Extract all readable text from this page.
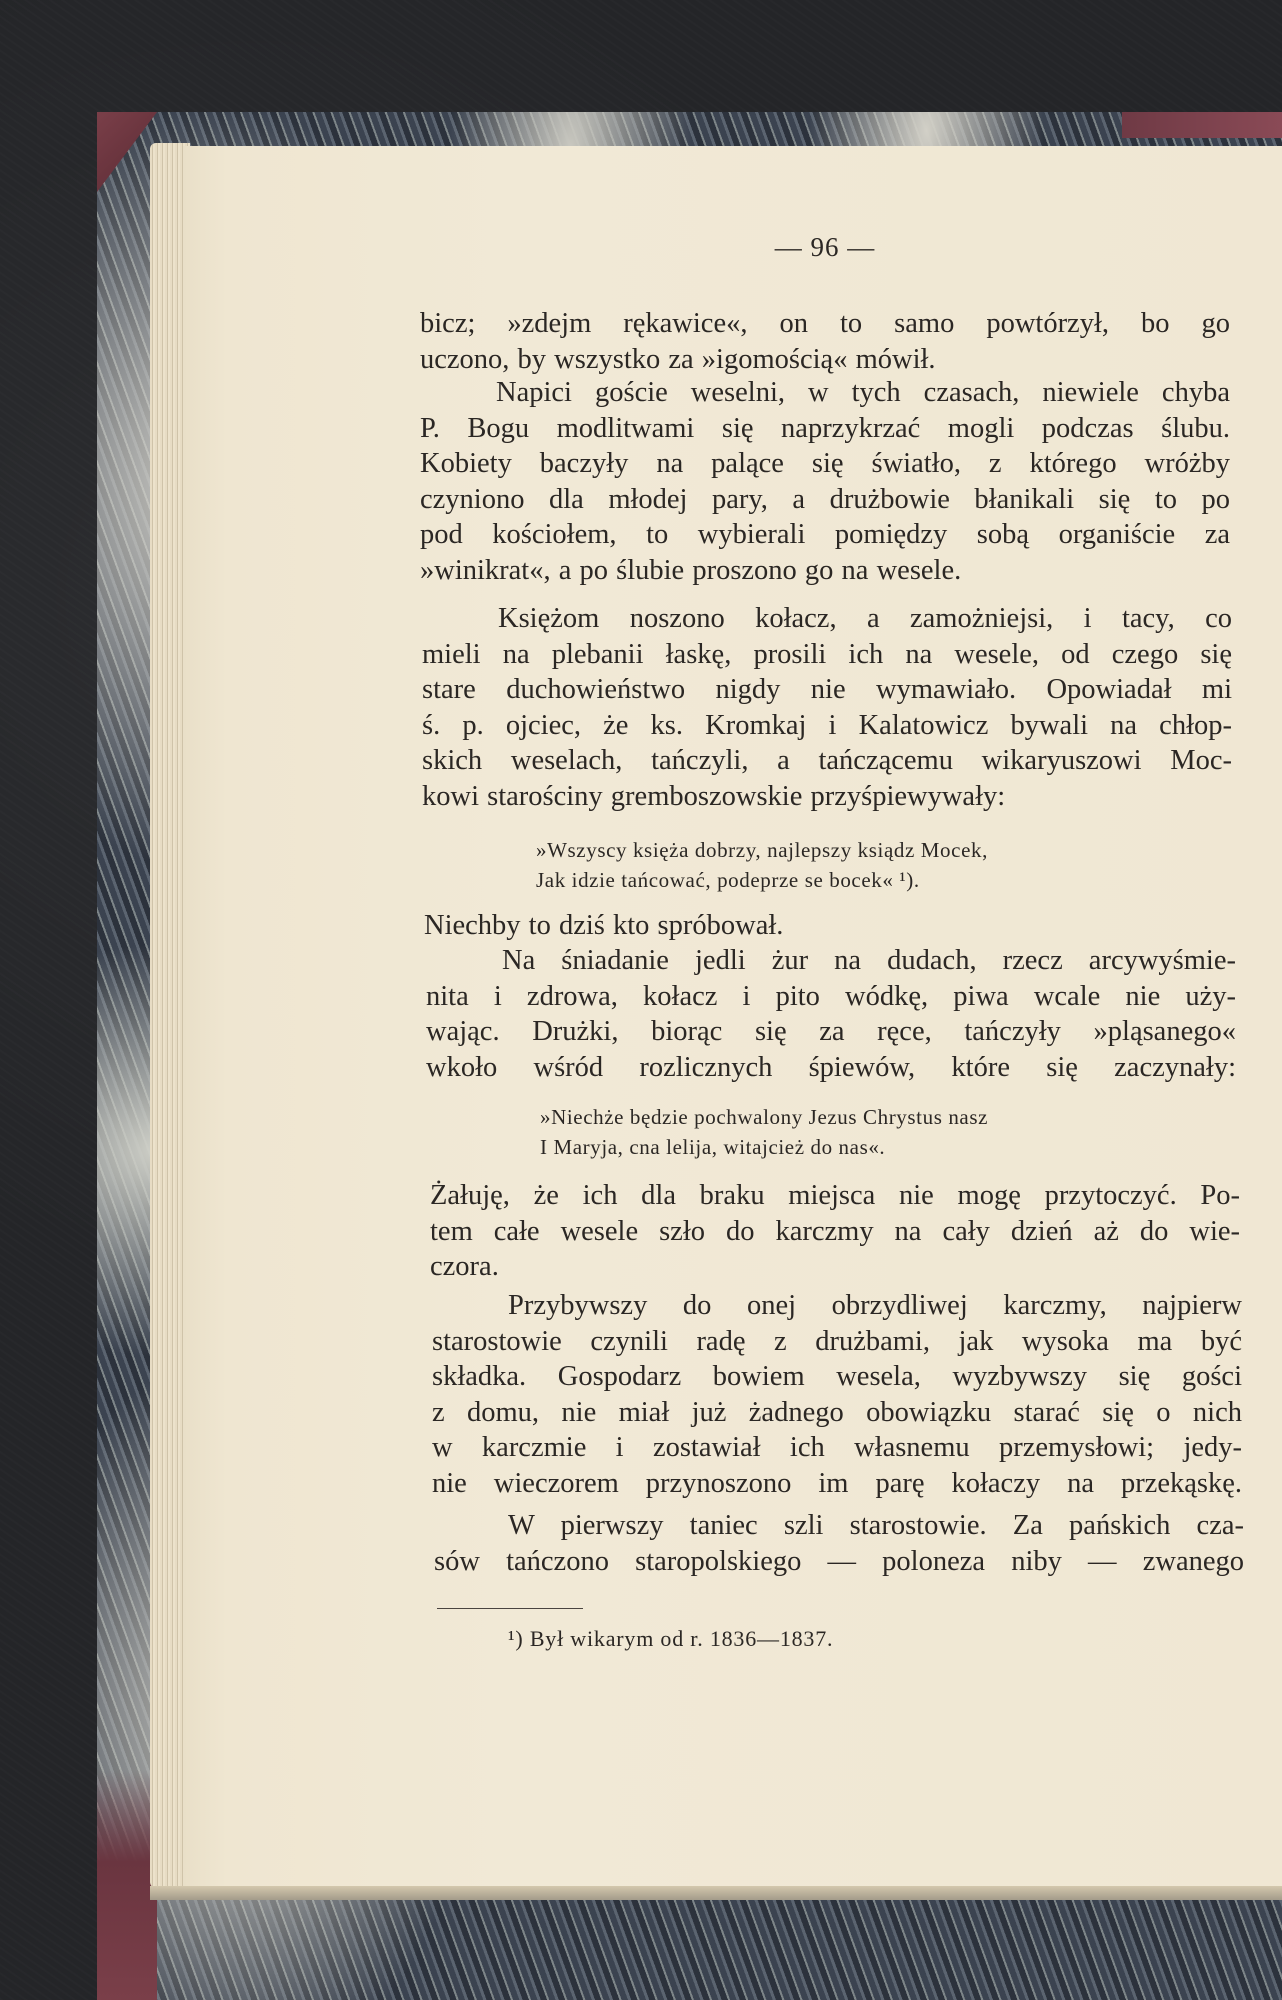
— 96 —
bicz; »zdejm rękawice«, on to samo powtórzył, bo go
uczono, by wszystko za »igomością« mówił.
Napici goście weselni, w tych czasach, niewiele chyba
P. Bogu modlitwami się naprzykrzać mogli podczas ślubu.
Kobiety baczyły na palące się światło, z którego wróżby
czyniono dla młodej pary, a drużbowie błanikali się to po
pod kościołem, to wybierali pomiędzy sobą organiście za
»winikrat«, a po ślubie proszono go na wesele.
Księżom noszono kołacz, a zamożniejsi, i tacy, co
mieli na plebanii łaskę, prosili ich na wesele, od czego się
stare duchowieństwo nigdy nie wymawiało. Opowiadał mi
ś. p. ojciec, że ks. Kromkaj i Kalatowicz bywali na chłop-
skich weselach, tańczyli, a tańczącemu wikaryuszowi Moc-
kowi starościny gremboszowskie przyśpiewywały:
»Wszyscy księża dobrzy, najlepszy ksiądz Mocek,
Jak idzie tańcować, podeprze se bocek« ¹).
Niechby to dziś kto spróbował.
Na śniadanie jedli żur na dudach, rzecz arcywyśmie-
nita i zdrowa, kołacz i pito wódkę, piwa wcale nie uży-
wając. Drużki, biorąc się za ręce, tańczyły »pląsanego«
wkoło wśród rozlicznych śpiewów, które się zaczynały:
»Niechże będzie pochwalony Jezus Chrystus nasz
I Maryja, cna lelija, witajcież do nas«.
Żałuję, że ich dla braku miejsca nie mogę przytoczyć. Po-
tem całe wesele szło do karczmy na cały dzień aż do wie-
czora.
Przybywszy do onej obrzydliwej karczmy, najpierw
starostowie czynili radę z drużbami, jak wysoka ma być
składka. Gospodarz bowiem wesela, wyzbywszy się gości
z domu, nie miał już żadnego obowiązku starać się o nich
w karczmie i zostawiał ich własnemu przemysłowi; jedy-
nie wieczorem przynoszono im parę kołaczy na przekąskę.
W pierwszy taniec szli starostowie. Za pańskich cza-
sów tańczono staropolskiego — poloneza niby — zwanego
¹) Był wikarym od r. 1836—1837.
